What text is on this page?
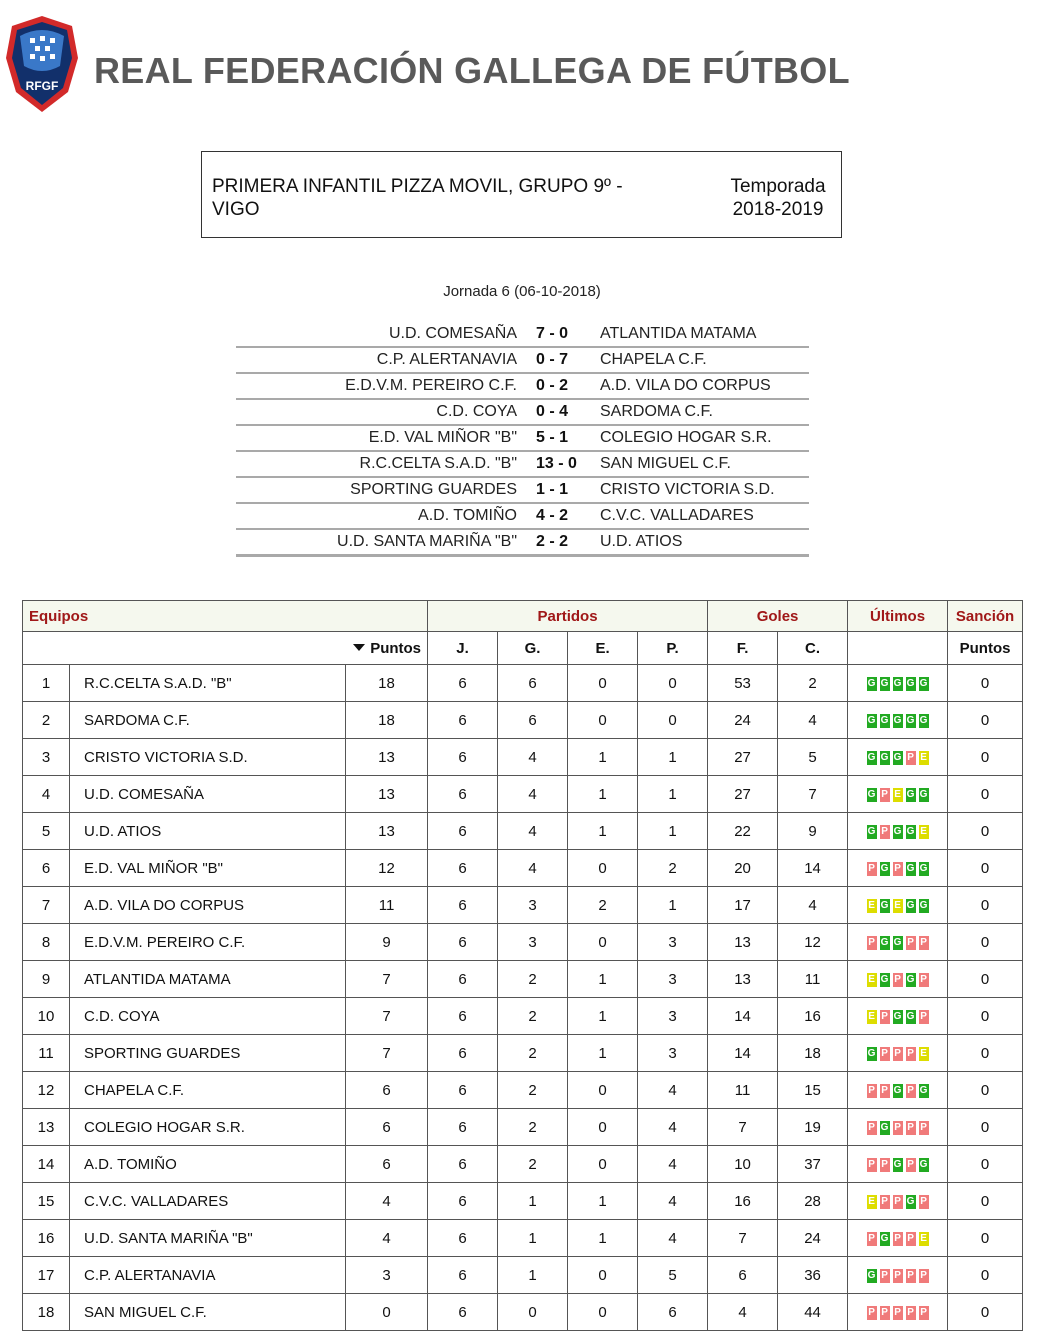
RFGF REAL FEDERACIÓN GALLEGA DE FÚTBOL
PRIMERA INFANTIL PIZZA MOVIL, GRUPO 9º - VIGO
Temporada
2018-2019
Jornada 6 (06-10-2018)
U.D. COMESAÑA 7 - 0 ATLANTIDA MATAMA
C.P. ALERTANAVIA 0 - 7 CHAPELA C.F.
E.D.V.M. PEREIRO C.F. 0 - 2 A.D. VILA DO CORPUS
C.D. COYA 0 - 4 SARDOMA C.F.
E.D. VAL MIÑOR "B" 5 - 1 COLEGIO HOGAR S.R.
R.C.CELTA S.A.D. "B" 13 - 0 SAN MIGUEL C.F.
SPORTING GUARDES 1 - 1 CRISTO VICTORIA S.D.
A.D. TOMIÑO 4 - 2 C.V.C. VALLADARES
U.D. SANTA MARIÑA "B" 2 - 2 U.D. ATIOS
Equipos			Partidos				Goles		Últimos	Sanción
Puntos			J.	G.	E.	P.	F.	C.		Puntos
1	R.C.CELTA S.A.D. "B"	18	6	6	0	0	53	2	G G G G G	0
2	SARDOMA C.F.	18	6	6	0	0	24	4	G G G G G	0
3	CRISTO VICTORIA S.D.	13	6	4	1	1	27	5	G G G P E	0
4	U.D. COMESAÑA	13	6	4	1	1	27	7	G P E G G	0
5	U.D. ATIOS	13	6	4	1	1	22	9	G P G G E	0
6	E.D. VAL MIÑOR "B"	12	6	4	0	2	20	14	P G P G G	0
7	A.D. VILA DO CORPUS	11	6	3	2	1	17	4	E G E G G	0
8	E.D.V.M. PEREIRO C.F.	9	6	3	0	3	13	12	P G G P P	0
9	ATLANTIDA MATAMA	7	6	2	1	3	13	11	E G P G P	0
10	C.D. COYA	7	6	2	1	3	14	16	E P G G P	0
11	SPORTING GUARDES	7	6	2	1	3	14	18	G P P P E	0
12	CHAPELA C.F.	6	6	2	0	4	11	15	P P G P G	0
13	COLEGIO HOGAR S.R.	6	6	2	0	4	7	19	P G P P P	0
14	A.D. TOMIÑO	6	6	2	0	4	10	37	P P G P G	0
15	C.V.C. VALLADARES	4	6	1	1	4	16	28	E P P G P	0
16	U.D. SANTA MARIÑA "B"	4	6	1	1	4	7	24	P G P P E	0
17	C.P. ALERTANAVIA	3	6	1	0	5	6	36	G P P P P	0
18	SAN MIGUEL C.F.	0	6	0	0	6	4	44	P P P P P	0
